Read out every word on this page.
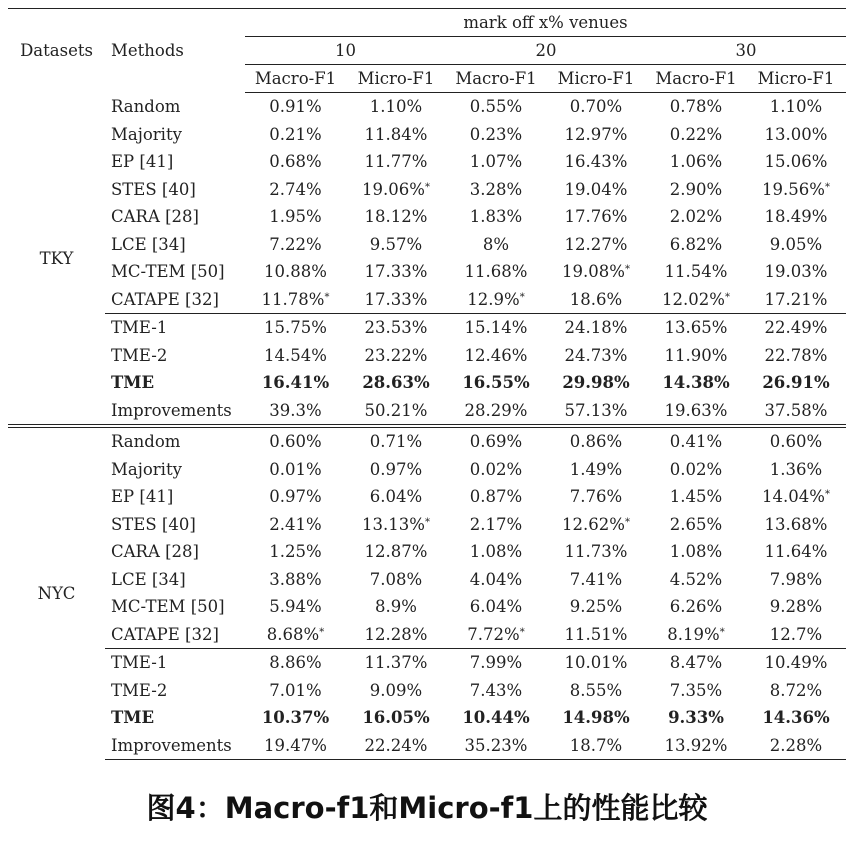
Datasets	Methods	mark off x% venues					
		10		20		30	
		Macro-F1	Micro-F1	Macro-F1	Micro-F1	Macro-F1	Micro-F1
TKY	Random	0.91%	1.10%	0.55%	0.70%	0.78%	1.10%
	Majority	0.21%	11.84%	0.23%	12.97%	0.22%	13.00%
	EP [41]	0.68%	11.77%	1.07%	16.43%	1.06%	15.06%
	STES [40]	2.74%	19.06%*	3.28%	19.04%	2.90%	19.56%*
	CARA [28]	1.95%	18.12%	1.83%	17.76%	2.02%	18.49%
	LCE [34]	7.22%	9.57%	8%	12.27%	6.82%	9.05%
	MC-TEM [50]	10.88%	17.33%	11.68%	19.08%*	11.54%	19.03%
	CATAPE [32]	11.78%*	17.33%	12.9%*	18.6%	12.02%*	17.21%
	TME-1	15.75%	23.53%	15.14%	24.18%	13.65%	22.49%
	TME-2	14.54%	23.22%	12.46%	24.73%	11.90%	22.78%
	TME	16.41%	28.63%	16.55%	29.98%	14.38%	26.91%
	Improvements	39.3%	50.21%	28.29%	57.13%	19.63%	37.58%
NYC	Random	0.60%	0.71%	0.69%	0.86%	0.41%	0.60%
	Majority	0.01%	0.97%	0.02%	1.49%	0.02%	1.36%
	EP [41]	0.97%	6.04%	0.87%	7.76%	1.45%	14.04%*
	STES [40]	2.41%	13.13%*	2.17%	12.62%*	2.65%	13.68%
	CARA [28]	1.25%	12.87%	1.08%	11.73%	1.08%	11.64%
	LCE [34]	3.88%	7.08%	4.04%	7.41%	4.52%	7.98%
	MC-TEM [50]	5.94%	8.9%	6.04%	9.25%	6.26%	9.28%
	CATAPE [32]	8.68%*	12.28%	7.72%*	11.51%	8.19%*	12.7%
	TME-1	8.86%	11.37%	7.99%	10.01%	8.47%	10.49%
	TME-2	7.01%	9.09%	7.43%	8.55%	7.35%	8.72%
	TME	10.37%	16.05%	10.44%	14.98%	9.33%	14.36%
	Improvements	19.47%	22.24%	35.23%	18.7%	13.92%	2.28%
图4：Macro-f1和Micro-f1上的性能比较
